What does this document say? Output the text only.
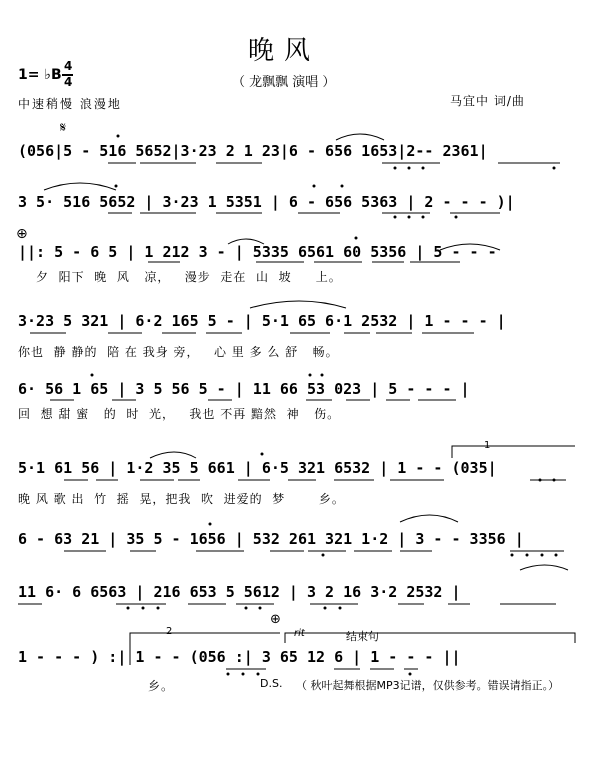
晚风
1= ♭B
4
4
中速稍慢 浪漫地
（ 龙飘飘 演唱 ）
马宜中 词/曲
𝄋
(056|5 - 516 5652|3·23 2 1 23|6 - 656 1653|2-- 2361|
3 5· 516 5652 | 3·23 1 5351 | 6 - 656 5363 | 2 - - - )|
⊕
||: 5 - 6 5 | 1 212 3 - | 5335 6561 60 5356 | 5 - - -
夕  阳下  晚  风   凉，   漫步  走在  山  坡     上。
3·23 5 321 | 6·2 165 5 - | 5·1 65 6·1 2532 | 1 - - - |
你也  静 静的  陪 在 我身 旁，   心 里 多 么 舒   畅。
6· 56 1 65 | 3 5 56 5 - | 11 66 53 023 | 5 - - - |
回  想 甜 蜜   的  时  光，   我也 不再 黯然  神   伤。
5·1 61 56 | 1·2 35 5 661 | 6·5 321 6532 | 1 - - (035|
晚 风 歌 出  竹  摇  晃，把我  吹  进爱的  梦       乡。
6 - 63 21 | 35 5 - 1656 | 532 261 321 1·2 | 3 - - 3356 |
11 6· 6 6563 | 216 653 5 5612 | 3 2 16 3·2 2532 |
1
2
⊕
rit	结束句
1 - - - ) :| 1 - - (056 :| 3 65 12 6 | 1 - - - ||
乡。	D.S. （ 秋叶起舞根据MP3记谱，仅供参考。错误请指正。）
